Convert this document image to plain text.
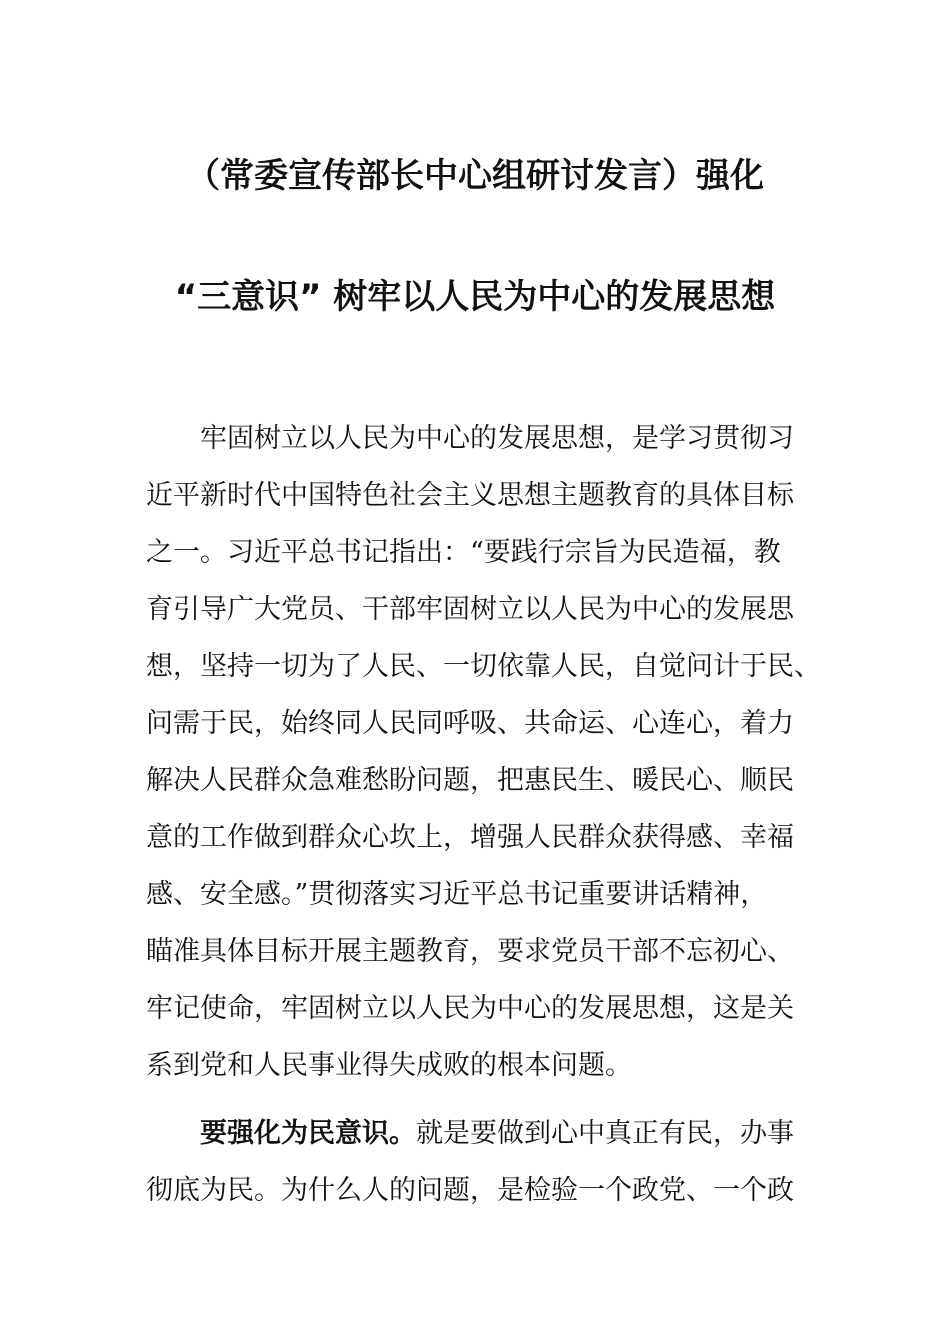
（常委宣传部长中心组研讨发言）强化
“三意识” 树牢以人民为中心的发展思想
牢固树立以人民为中心的发展思想，是学习贯彻习
近平新时代中国特色社会主义思想主题教育的具体目标
之一。习近平总书记指出：“要践行宗旨为民造福，教
育引导广大党员、干部牢固树立以人民为中心的发展思
想，坚持一切为了人民、一切依靠人民，自觉问计于民、
问需于民，始终同人民同呼吸、共命运、心连心，着力
解决人民群众急难愁盼问题，把惠民生、暖民心、顺民
意的工作做到群众心坎上，增强人民群众获得感、幸福
感、安全感。”贯彻落实习近平总书记重要讲话精神，
瞄准具体目标开展主题教育，要求党员干部不忘初心、
牢记使命，牢固树立以人民为中心的发展思想，这是关
系到党和人民事业得失成败的根本问题。
要强化为民意识。就是要做到心中真正有民，办事
彻底为民。为什么人的问题，是检验一个政党、一个政
